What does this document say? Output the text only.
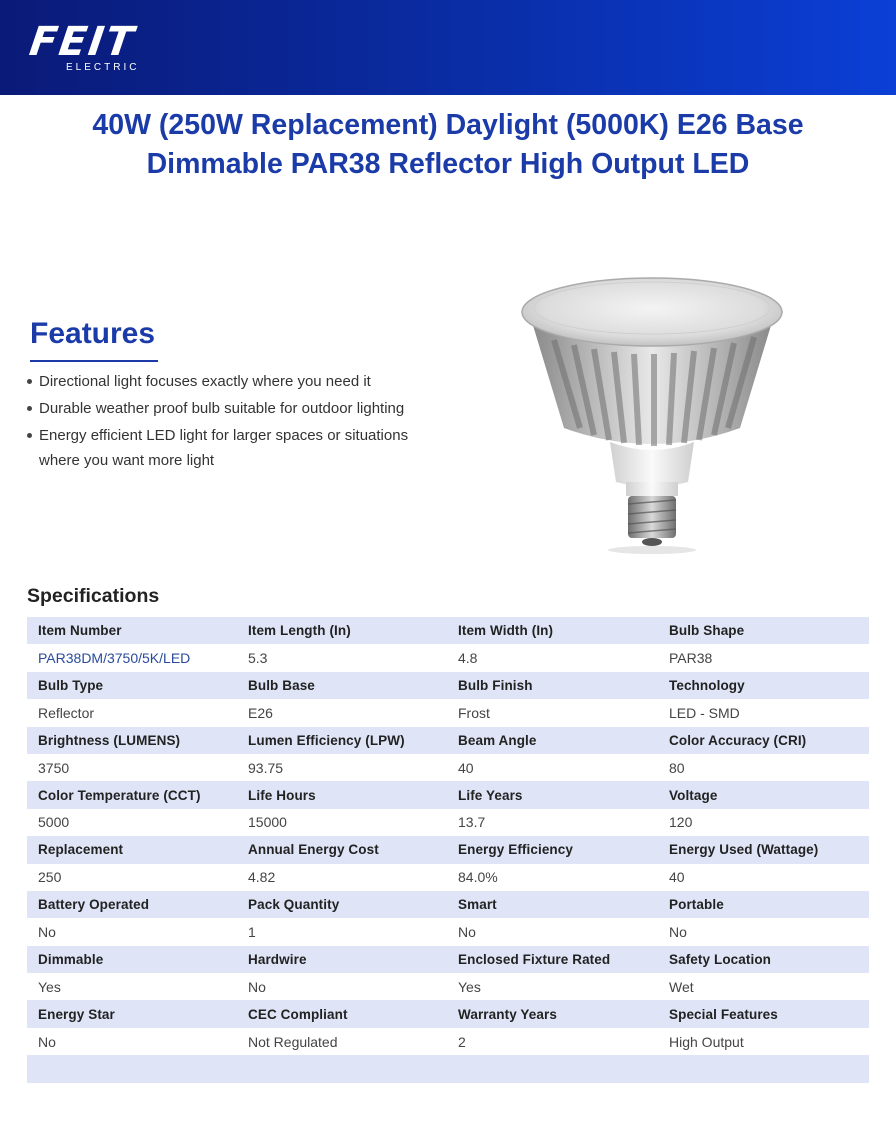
FEIT
ELECTRIC
40W (250W Replacement) Daylight (5000K) E26 Base
Dimmable PAR38 Reflector High Output LED
Features
Directional light focuses exactly where you need it
Durable weather proof bulb suitable for outdoor lighting
Energy efficient LED light for larger spaces or situations where you want more light
Specifications
Item Number	Item Length (In)	Item Width (In)	Bulb Shape
PAR38DM/3750/5K/LED	5.3	4.8	PAR38
Bulb Type	Bulb Base	Bulb Finish	Technology
Reflector	E26	Frost	LED - SMD
Brightness (LUMENS)	Lumen Efficiency (LPW)	Beam Angle	Color Accuracy (CRI)
3750	93.75	40	80
Color Temperature (CCT)	Life Hours	Life Years	Voltage
5000	15000	13.7	120
Replacement	Annual Energy Cost	Energy Efficiency	Energy Used (Wattage)
250	4.82	84.0%	40
Battery Operated	Pack Quantity	Smart	Portable
No	1	No	No
Dimmable	Hardwire	Enclosed Fixture Rated	Safety Location
Yes	No	Yes	Wet
Energy Star	CEC Compliant	Warranty Years	Special Features
No	Not Regulated	2	High Output
